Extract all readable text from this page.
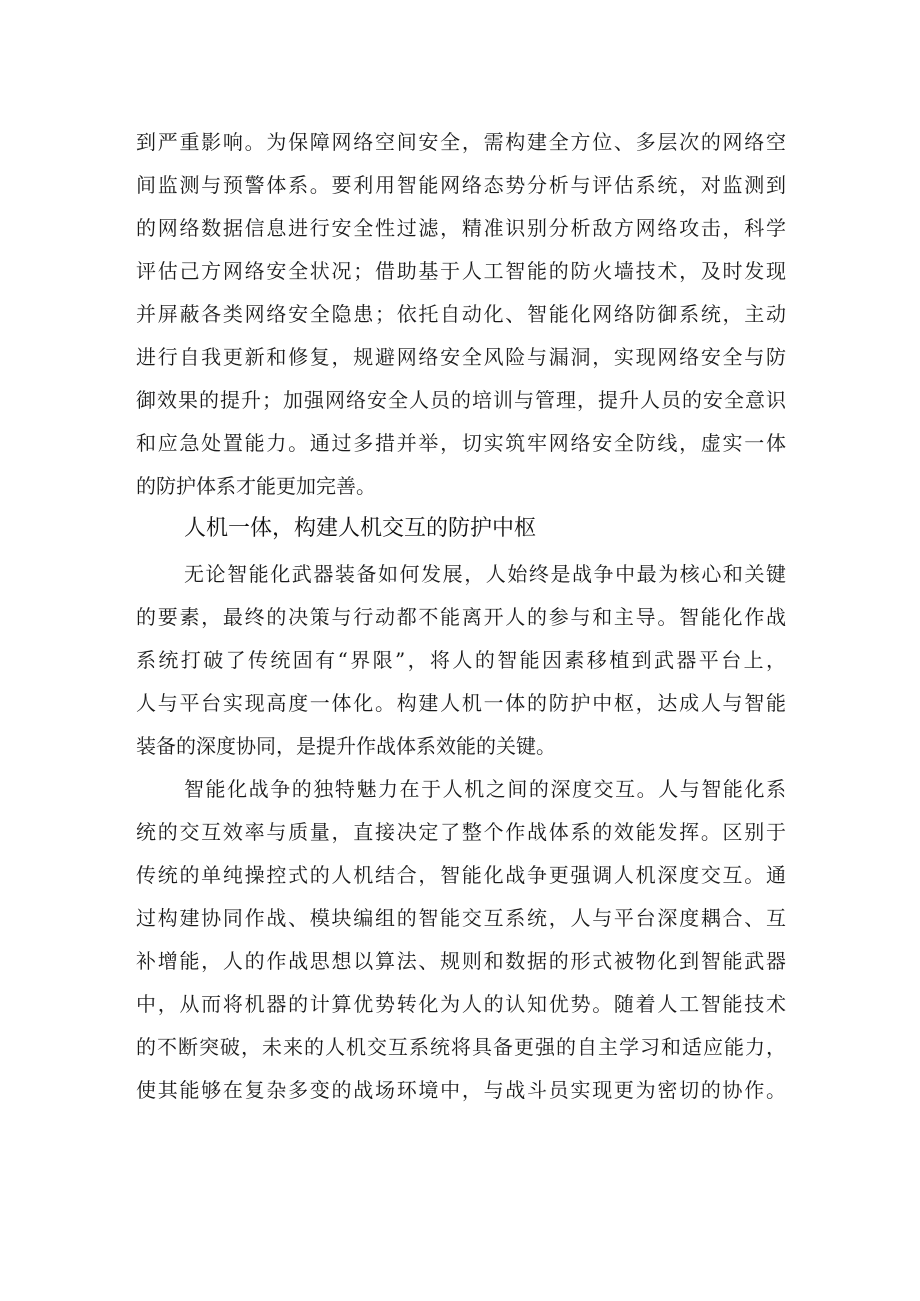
到严重影响。为保障网络空间安全，需构建全方位、多层次的网络空
间监测与预警体系。要利用智能网络态势分析与评估系统，对监测到
的网络数据信息进行安全性过滤，精准识别分析敌方网络攻击，科学
评估己方网络安全状况；借助基于人工智能的防火墙技术，及时发现
并屏蔽各类网络安全隐患；依托自动化、智能化网络防御系统，主动
进行自我更新和修复，规避网络安全风险与漏洞，实现网络安全与防
御效果的提升；加强网络安全人员的培训与管理，提升人员的安全意识
和应急处置能力。通过多措并举，切实筑牢网络安全防线，虚实一体
的防护体系才能更加完善。
人机一体，构建人机交互的防护中枢
无论智能化武器装备如何发展，人始终是战争中最为核心和关键
的要素，最终的决策与行动都不能离开人的参与和主导。智能化作战
系统打破了传统固有“界限”，将人的智能因素移植到武器平台上，
人与平台实现高度一体化。构建人机一体的防护中枢，达成人与智能
装备的深度协同，是提升作战体系效能的关键。
智能化战争的独特魅力在于人机之间的深度交互。人与智能化系
统的交互效率与质量，直接决定了整个作战体系的效能发挥。区别于
传统的单纯操控式的人机结合，智能化战争更强调人机深度交互。通
过构建协同作战、模块编组的智能交互系统，人与平台深度耦合、互
补增能，人的作战思想以算法、规则和数据的形式被物化到智能武器
中，从而将机器的计算优势转化为人的认知优势。随着人工智能技术
的不断突破，未来的人机交互系统将具备更强的自主学习和适应能力，
使其能够在复杂多变的战场环境中，与战斗员实现更为密切的协作。
